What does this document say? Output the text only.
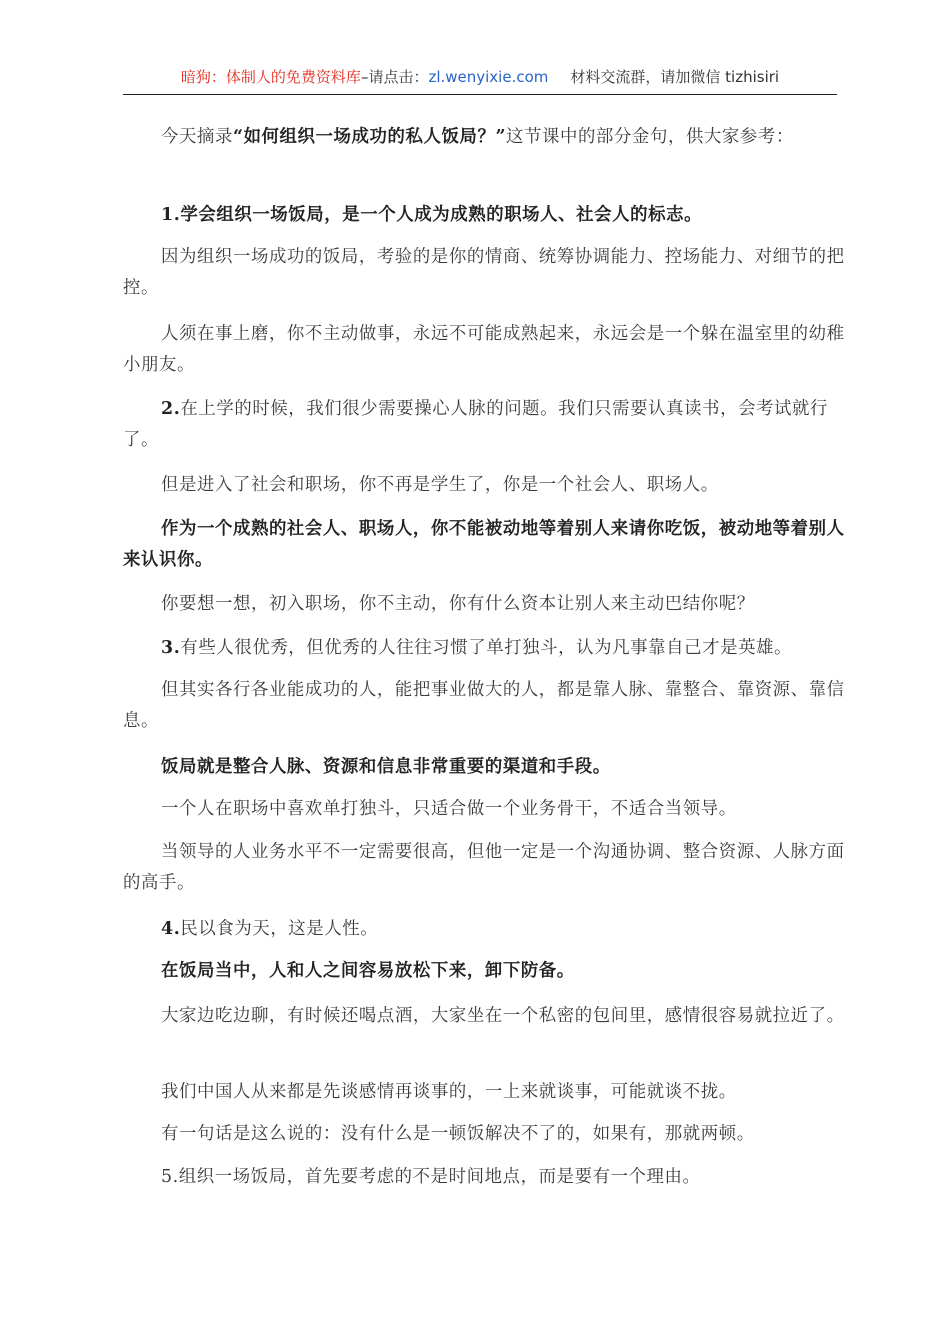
暗狗：体制人的免费资料库–请点击：zl.wenyixie.com 材料交流群，请加微信 tizhisiri

今天摘录“如何组织一场成功的私人饭局？”这节课中的部分金句，供大家参考：

1.学会组织一场饭局，是一个人成为成熟的职场人、社会人的标志。

因为组织一场成功的饭局，考验的是你的情商、统筹协调能力、控场能力、对细节的把控。

人须在事上磨，你不主动做事，永远不可能成熟起来，永远会是一个躲在温室里的幼稚小朋友。

2.在上学的时候，我们很少需要操心人脉的问题。我们只需要认真读书，会考试就行了。

但是进入了社会和职场，你不再是学生了，你是一个社会人、职场人。

作为一个成熟的社会人、职场人，你不能被动地等着别人来请你吃饭，被动地等着别人来认识你。

你要想一想，初入职场，你不主动，你有什么资本让别人来主动巴结你呢？

3.有些人很优秀，但优秀的人往往习惯了单打独斗，认为凡事靠自己才是英雄。

但其实各行各业能成功的人，能把事业做大的人，都是靠人脉、靠整合、靠资源、靠信息。

饭局就是整合人脉、资源和信息非常重要的渠道和手段。

一个人在职场中喜欢单打独斗，只适合做一个业务骨干，不适合当领导。

当领导的人业务水平不一定需要很高，但他一定是一个沟通协调、整合资源、人脉方面的高手。

4.民以食为天，这是人性。

在饭局当中，人和人之间容易放松下来，卸下防备。

大家边吃边聊，有时候还喝点酒，大家坐在一个私密的包间里，感情很容易就拉近了。

我们中国人从来都是先谈感情再谈事的，一上来就谈事，可能就谈不拢。

有一句话是这么说的：没有什么是一顿饭解决不了的，如果有，那就两顿。

5.组织一场饭局，首先要考虑的不是时间地点，而是要有一个理由。
